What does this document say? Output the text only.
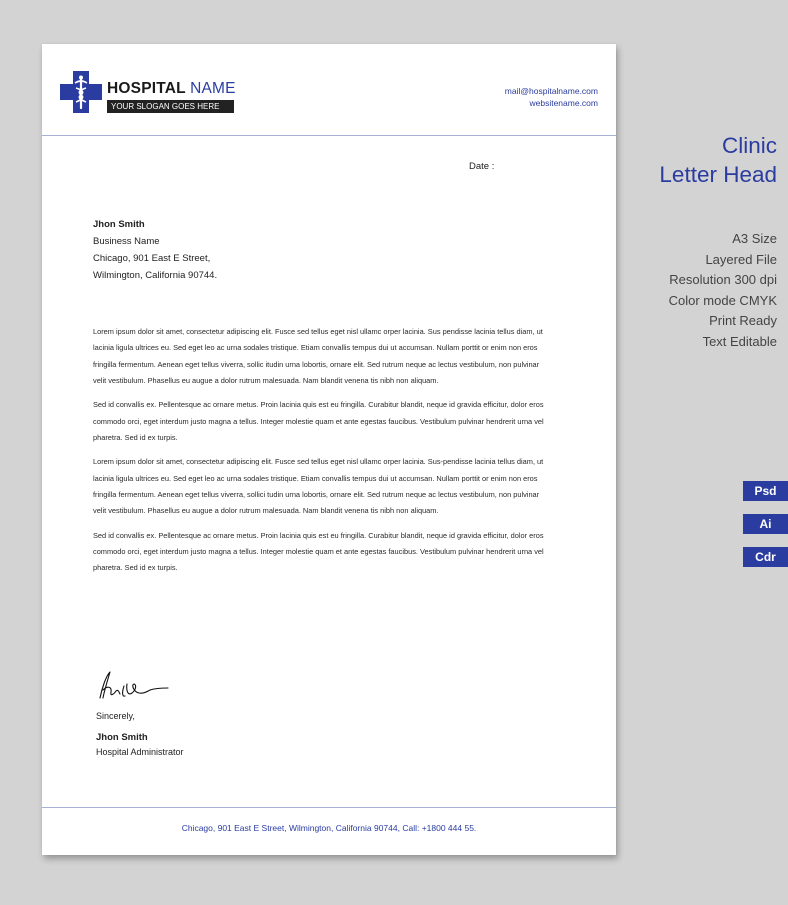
HOSPITAL NAME
YOUR SLOGAN GOES HERE
mail@hospitalname.com
websitename.com
Date :
Jhon Smith
Business Name
Chicago, 901 East E Street,
Wilmington, California 90744.

Lorem ipsum dolor sit amet, consectetur adipiscing elit. Fusce sed tellus eget nisl ullamc orper lacinia. Sus pendisse lacinia tellus diam, ut lacinia ligula ultrices eu. Sed eget leo ac urna sodales tristique. Etiam convallis tempus dui ut accumsan. Nullam porttit or enim non eros fringilla fermentum. Aenean eget tellus viverra, sollic itudin urna lobortis, ornare elit. Sed rutrum neque ac lectus vestibulum, non pulvinar velit vestibulum. Phasellus eu augue a dolor rutrum malesuada. Nam blandit venena tis nibh non aliquam.

Sed id convallis ex. Pellentesque ac ornare metus. Proin lacinia quis est eu fringilla. Curabitur blandit, neque id gravida efficitur, dolor eros commodo orci, eget interdum justo magna a tellus. Integer molestie quam et ante egestas faucibus. Vestibulum pulvinar hendrerit urna vel pharetra. Sed id ex turpis.

Lorem ipsum dolor sit amet, consectetur adipiscing elit. Fusce sed tellus eget nisl ullamc orper lacinia. Sus-pendisse lacinia tellus diam, ut lacinia ligula ultrices eu. Sed eget leo ac urna sodales tristique. Etiam convallis tempus dui ut accumsan. Nullam porttit or enim non eros fringilla fermentum. Aenean eget tellus viverra, sollici tudin urna lobortis, ornare elit. Sed rutrum neque ac lectus vestibulum, non pulvinar velit vestibulum. Phasellus eu augue a dolor rutrum malesuada. Nam blandit venena tis nibh non aliquam.

Sed id convallis ex. Pellentesque ac ornare metus. Proin lacinia quis est eu fringilla. Curabitur blandit, neque id gravida efficitur, dolor eros commodo orci, eget interdum justo magna a tellus. Integer molestie quam et ante egestas faucibus. Vestibulum pulvinar hendrerit urna vel pharetra. Sed id ex turpis.

Sincerely,
Jhon Smith
Hospital Administrator
Chicago, 901 East E Street, Wilmington, California 90744, Call: +1800 444 55.
Clinic
Letter Head
A3 Size
Layered File
Resolution 300 dpi
Color mode CMYK
Print Ready
Text Editable
Psd
Ai
Cdr
